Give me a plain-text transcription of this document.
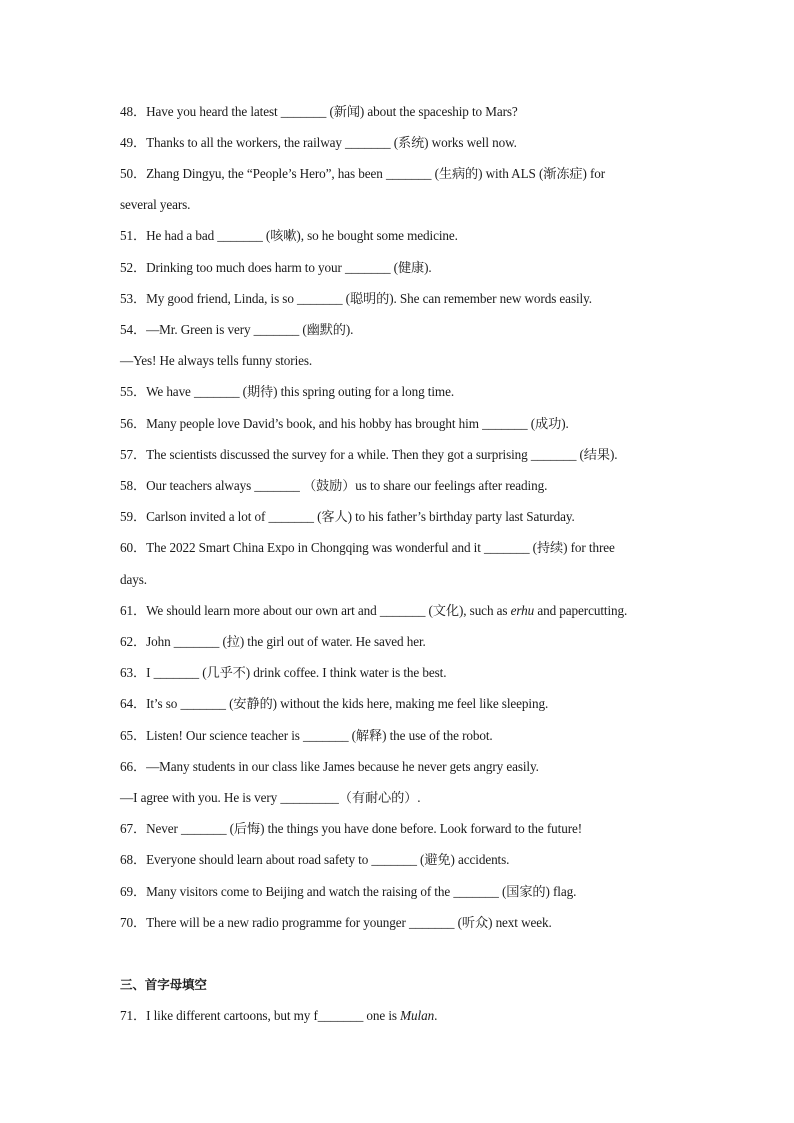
48．Have you heard the latest _______ (新闻) about the spaceship to Mars?
49．Thanks to all the workers, the railway _______ (系统) works well now.
50．Zhang Dingyu, the “People’s Hero”, has been _______ (生病的) with ALS (渐冻症) for
several years.
51．He had a bad _______ (咳嗽), so he bought some medicine.
52．Drinking too much does harm to your _______ (健康).
53．My good friend, Linda, is so _______ (聪明的). She can remember new words easily.
54．—Mr. Green is very _______ (幽默的).
—Yes! He always tells funny stories.
55．We have _______ (期待) this spring outing for a long time.
56．Many people love David’s book, and his hobby has brought him _______ (成功).
57．The scientists discussed the survey for a while. Then they got a surprising _______ (结果).
58．Our teachers always _______ （鼓励）us to share our feelings after reading.
59．Carlson invited a lot of _______ (客人) to his father’s birthday party last Saturday.
60．The 2022 Smart China Expo in Chongqing was wonderful and it _______ (持续) for three
days.
61．We should learn more about our own art and _______ (文化), such as erhu and papercutting.
62．John _______ (拉) the girl out of water. He saved her.
63．I _______ (几乎不) drink coffee. I think water is the best.
64．It’s so _______ (安静的) without the kids here, making me feel like sleeping.
65．Listen! Our science teacher is _______ (解释) the use of the robot.
66．—Many students in our class like James because he never gets angry easily.
—I agree with you. He is very _________（有耐心的）.
67．Never _______ (后悔) the things you have done before. Look forward to the future!
68．Everyone should learn about road safety to _______ (避免) accidents.
69．Many visitors come to Beijing and watch the raising of the _______ (国家的) flag.
70．There will be a new radio programme for younger _______ (听众) next week.
三、首字母填空
71．I like different cartoons, but my f_______ one is Mulan.
